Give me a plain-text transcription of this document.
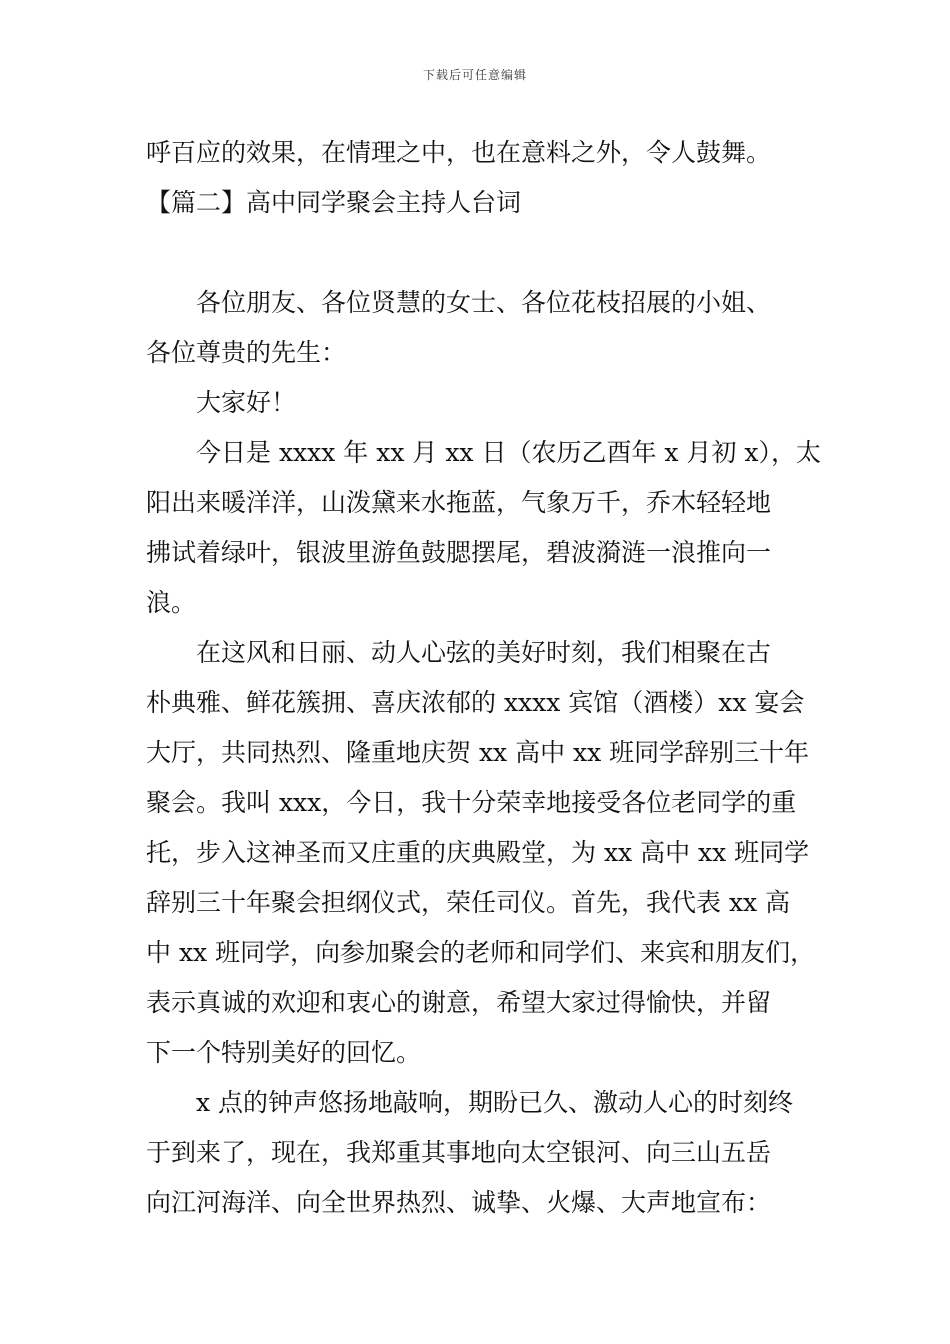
下载后可任意编辑
呼百应的效果，在情理之中，也在意料之外，令人鼓舞。
【篇二】高中同学聚会主持人台词
各位朋友、各位贤慧的女士、各位花枝招展的小姐、
各位尊贵的先生：
大家好！
今日是 xxxx 年 xx 月 xx 日（农历乙酉年 x 月初 x），太
阳出来暖洋洋，山泼黛来水拖蓝，气象万千，乔木轻轻地
拂试着绿叶，银波里游鱼鼓腮摆尾，碧波漪涟一浪推向一
浪。
在这风和日丽、动人心弦的美好时刻，我们相聚在古
朴典雅、鲜花簇拥、喜庆浓郁的 xxxx 宾馆（酒楼）xx 宴会
大厅，共同热烈、隆重地庆贺 xx 高中 xx 班同学辞别三十年
聚会。我叫 xxx，今日，我十分荣幸地接受各位老同学的重
托，步入这神圣而又庄重的庆典殿堂，为 xx 高中 xx 班同学
辞别三十年聚会担纲仪式，荣任司仪。首先，我代表 xx 高
中 xx 班同学，向参加聚会的老师和同学们、来宾和朋友们，
表示真诚的欢迎和衷心的谢意，希望大家过得愉快，并留
下一个特别美好的回忆。
x 点的钟声悠扬地敲响，期盼已久、激动人心的时刻终
于到来了，现在，我郑重其事地向太空银河、向三山五岳
向江河海洋、向全世界热烈、诚挚、火爆、大声地宣布：
